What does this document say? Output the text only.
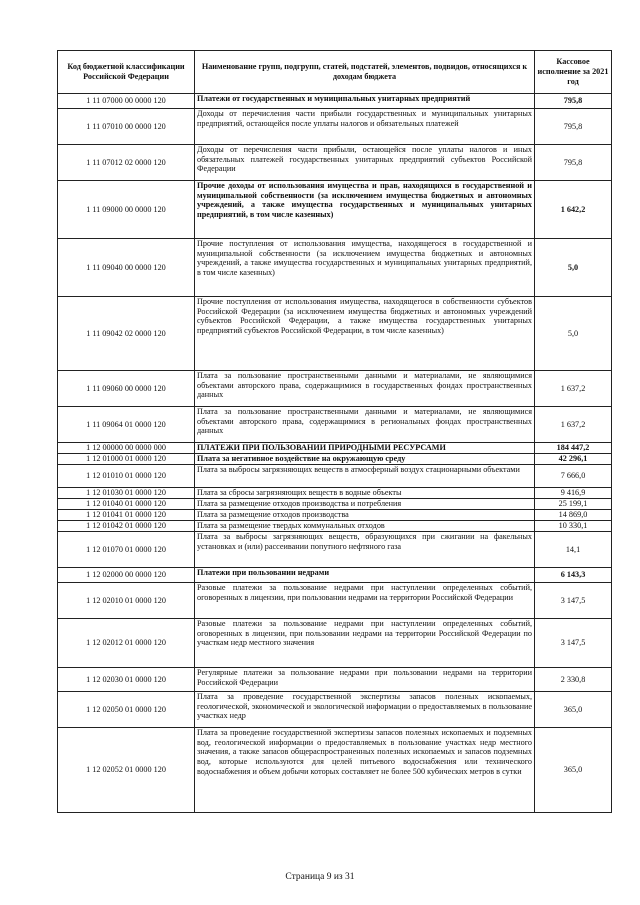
Код бюджетной классификации Российской Федерации	Наименование групп, подгрупп, статей, подстатей, элементов, подвидов, относящихся к доходам бюджета	Кассовое исполнение за 2021 год
1 11 07000 00 0000 120	Платежи от государственных и муниципальных унитарных предприятий	795,8
1 11 07010 00 0000 120	Доходы от перечисления части прибыли государственных и муниципальных унитарных предприятий, остающейся после уплаты налогов и обязательных платежей	795,8
1 11 07012 02 0000 120	Доходы от перечисления части прибыли, остающейся после уплаты налогов и иных обязательных платежей государственных унитарных предприятий субъектов Российской Федерации	795,8
1 11 09000 00 0000 120	Прочие доходы от использования имущества и прав, находящихся в государственной и муниципальной собственности (за исключением имущества бюджетных и автономных учреждений, а также имущества государственных и муниципальных унитарных предприятий, в том числе казенных)	1 642,2
1 11 09040 00 0000 120	Прочие поступления от использования имущества, находящегося в государственной и муниципальной собственности (за исключением имущества бюджетных и автономных учреждений, а также имущества государственных и муниципальных унитарных предприятий, в том числе казенных)	5,0
1 11 09042 02 0000 120	Прочие поступления от использования имущества, находящегося в собственности субъектов Российской Федерации (за исключением имущества бюджетных и автономных учреждений субъектов Российской Федерации, а также имущества государственных унитарных предприятий субъектов Российской Федерации, в том числе казенных)	5,0
1 11 09060 00 0000 120	Плата за пользование пространственными данными и материалами, не являющимися объектами авторского права, содержащимися в государственных фондах пространственных данных	1 637,2
1 11 09064 01 0000 120	Плата за пользование пространственными данными и материалами, не являющимися объектами авторского права, содержащимися в региональных фондах пространственных данных	1 637,2
1 12 00000 00 0000 000	ПЛАТЕЖИ ПРИ ПОЛЬЗОВАНИИ ПРИРОДНЫМИ РЕСУРСАМИ	184 447,2
1 12 01000 01 0000 120	Плата за негативное воздействие на окружающую среду	42 296,1
1 12 01010 01 0000 120	Плата за выбросы загрязняющих веществ в атмосферный воздух стационарными объектами	7 666,0
1 12 01030 01 0000 120	Плата за сбросы загрязняющих веществ в водные объекты	9 416,9
1 12 01040 01 0000 120	Плата за размещение отходов производства и потребления	25 199,1
1 12 01041 01 0000 120	Плата за размещение отходов производства	14 869,0
1 12 01042 01 0000 120	Плата за размещение твердых коммунальных отходов	10 330,1
1 12 01070 01 0000 120	Плата за выбросы загрязняющих веществ, образующихся при сжигании на факельных установках и (или) рассеивании попутного нефтяного газа	14,1
1 12 02000 00 0000 120	Платежи при пользовании недрами	6 143,3
1 12 02010 01 0000 120	Разовые платежи за пользование недрами при наступлении определенных событий, оговоренных в лицензии, при пользовании недрами на территории Российской Федерации	3 147,5
1 12 02012 01 0000 120	Разовые платежи за пользование недрами при наступлении определенных событий, оговоренных в лицензии, при пользовании недрами на территории Российской Федерации по участкам недр местного значения	3 147,5
1 12 02030 01 0000 120	Регулярные платежи за пользование недрами при пользовании недрами на территории Российской Федерации	2 330,8
1 12 02050 01 0000 120	Плата за проведение государственной экспертизы запасов полезных ископаемых, геологической, экономической и экологической информации о предоставляемых в пользование участках недр	365,0
1 12 02052 01 0000 120	Плата за проведение государственной экспертизы запасов полезных ископаемых и подземных вод, геологической информации о предоставляемых в пользование участках недр местного значения, а также запасов общераспространенных полезных ископаемых и запасов подземных вод, которые используются для целей питьевого водоснабжения или технического водоснабжения и объем добычи которых составляет не более 500 кубических метров в сутки	365,0
Страница 9 из 31
